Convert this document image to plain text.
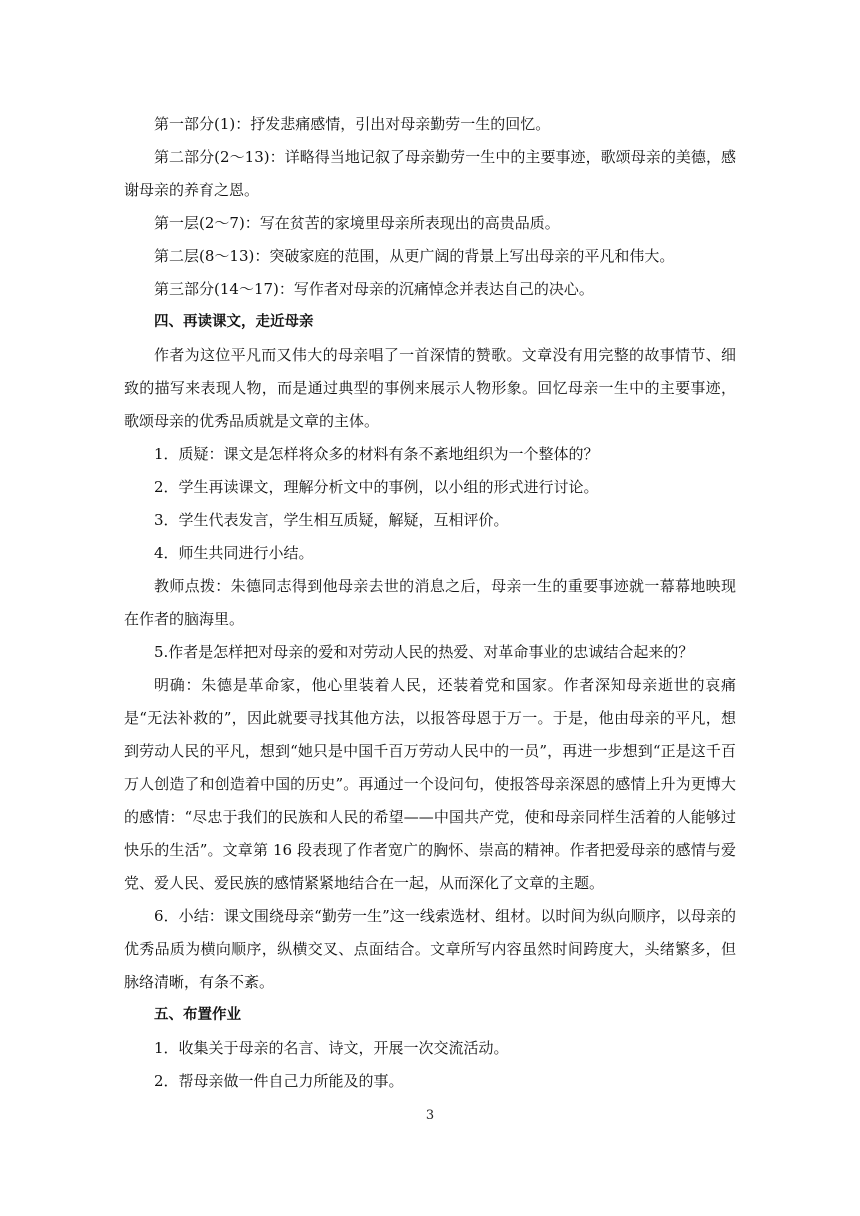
第一部分(1)：抒发悲痛感情，引出对母亲勤劳一生的回忆。

第二部分(2～13)：详略得当地记叙了母亲勤劳一生中的主要事迹，歌颂母亲的美德，感谢母亲的养育之恩。

第一层(2～7)：写在贫苦的家境里母亲所表现出的高贵品质。

第二层(8～13)：突破家庭的范围，从更广阔的背景上写出母亲的平凡和伟大。

第三部分(14～17)：写作者对母亲的沉痛悼念并表达自己的决心。

四、再读课文，走近母亲

作者为这位平凡而又伟大的母亲唱了一首深情的赞歌。文章没有用完整的故事情节、细致的描写来表现人物，而是通过典型的事例来展示人物形象。回忆母亲一生中的主要事迹，歌颂母亲的优秀品质就是文章的主体。

1．质疑：课文是怎样将众多的材料有条不紊地组织为一个整体的？

2．学生再读课文，理解分析文中的事例，以小组的形式进行讨论。

3．学生代表发言，学生相互质疑，解疑，互相评价。

4．师生共同进行小结。

教师点拨：朱德同志得到他母亲去世的消息之后，母亲一生的重要事迹就一幕幕地映现在作者的脑海里。

5.作者是怎样把对母亲的爱和对劳动人民的热爱、对革命事业的忠诚结合起来的？

明确：朱德是革命家，他心里装着人民，还装着党和国家。作者深知母亲逝世的哀痛是“无法补救的”，因此就要寻找其他方法，以报答母恩于万一。于是，他由母亲的平凡，想到劳动人民的平凡，想到“她只是中国千百万劳动人民中的一员”，再进一步想到“正是这千百万人创造了和创造着中国的历史”。再通过一个设问句，使报答母亲深恩的感情上升为更博大的感情：“尽忠于我们的民族和人民的希望——中国共产党，使和母亲同样生活着的人能够过快乐的生活”。文章第 16 段表现了作者宽广的胸怀、崇高的精神。作者把爱母亲的感情与爱党、爱人民、爱民族的感情紧紧地结合在一起，从而深化了文章的主题。

6．小结：课文围绕母亲“勤劳一生”这一线索选材、组材。以时间为纵向顺序，以母亲的优秀品质为横向顺序，纵横交叉、点面结合。文章所写内容虽然时间跨度大，头绪繁多，但脉络清晰，有条不紊。

五、布置作业

1．收集关于母亲的名言、诗文，开展一次交流活动。

2．帮母亲做一件自己力所能及的事。

3
